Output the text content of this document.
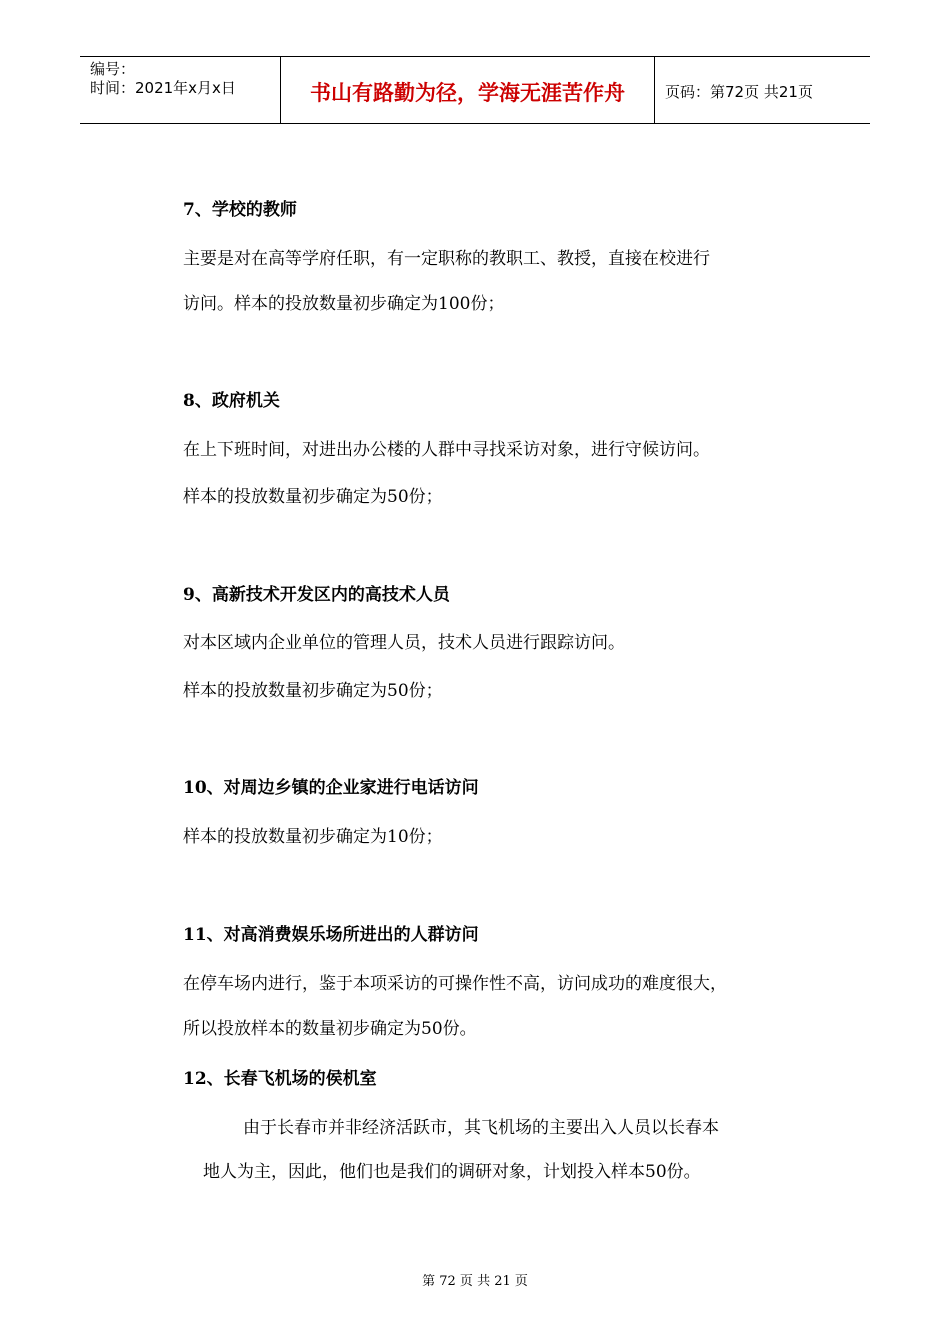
编号：
时间：2021年x月x日	书山有路勤为径，学海无涯苦作舟	页码：第72页 共21页
7、学校的教师
主要是对在高等学府任职，有一定职称的教职工、教授，直接在校进行
访问。样本的投放数量初步确定为100份；
8、政府机关
在上下班时间，对进出办公楼的人群中寻找采访对象，进行守候访问。
样本的投放数量初步确定为50份；
9、高新技术开发区内的高技术人员
对本区域内企业单位的管理人员，技术人员进行跟踪访问。
样本的投放数量初步确定为50份；
10、对周边乡镇的企业家进行电话访问
样本的投放数量初步确定为10份；
11、对高消费娱乐场所进出的人群访问
在停车场内进行，鉴于本项采访的可操作性不高，访问成功的难度很大，
所以投放样本的数量初步确定为50份。
12、长春飞机场的侯机室
由于长春市并非经济活跃市，其飞机场的主要出入人员以长春本
地人为主，因此，他们也是我们的调研对象，计划投入样本50份。
第 72 页 共 21 页
